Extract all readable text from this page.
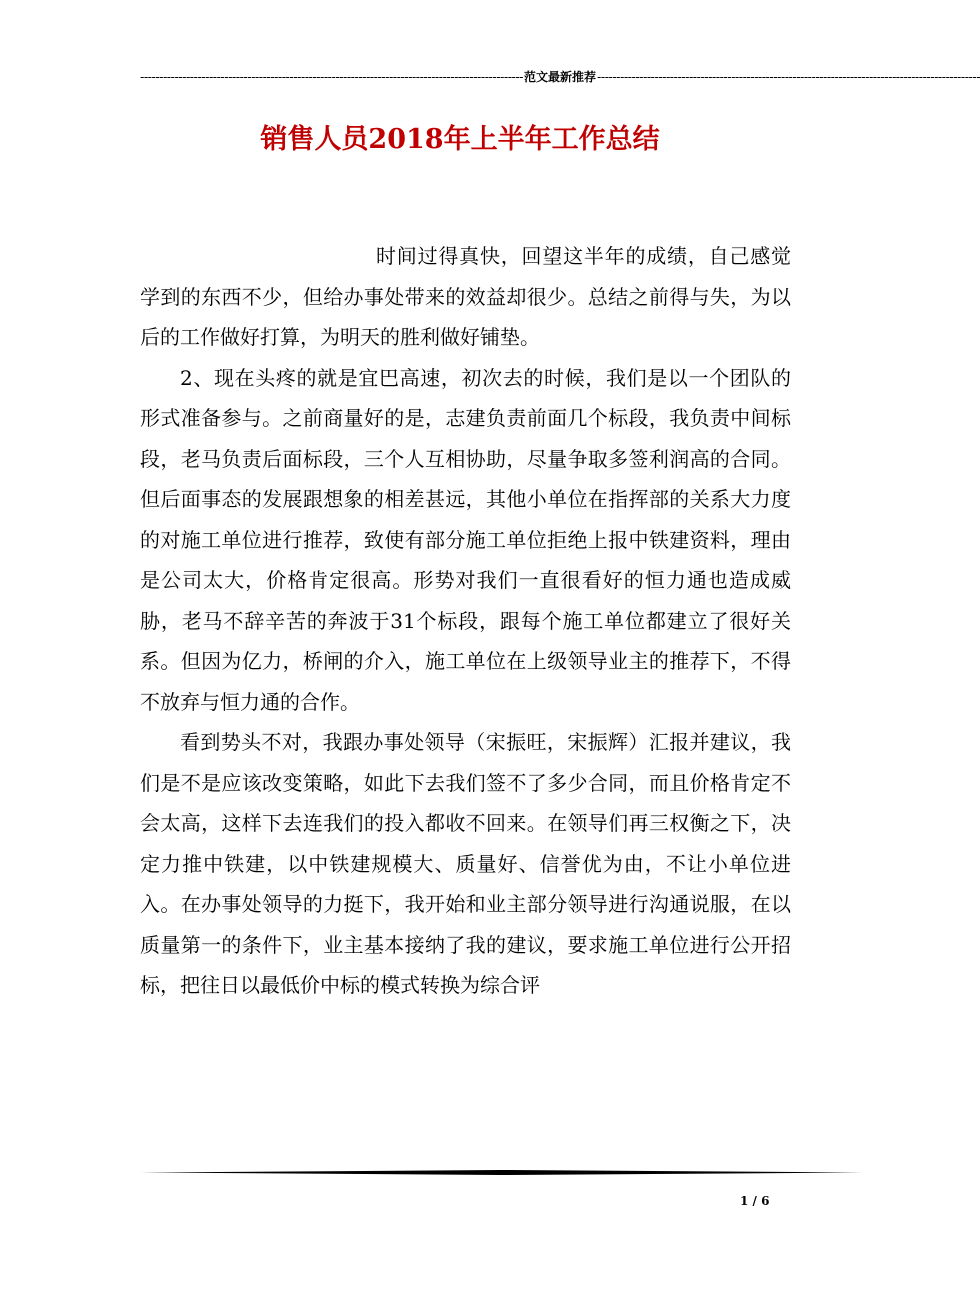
---------------------------------------------------------------------------------------------------- 范文最新推荐 ----------------------------------------------------------------------------------------------------
销售人员2018年上半年工作总结

时间过得真快，回望这半年的成绩，自己感觉学到的东西不少，但给办事处带来的效益却很少。总结之前得与失，为以后的工作做好打算，为明天的胜利做好铺垫。

2、现在头疼的就是宜巴高速，初次去的时候，我们是以一个团队的形式准备参与。之前商量好的是，志建负责前面几个标段，我负责中间标段，老马负责后面标段，三个人互相协助，尽量争取多签利润高的合同。但后面事态的发展跟想象的相差甚远，其他小单位在指挥部的关系大力度的对施工单位进行推荐，致使有部分施工单位拒绝上报中铁建资料，理由是公司太大，价格肯定很高。形势对我们一直很看好的恒力通也造成威胁，老马不辞辛苦的奔波于31个标段，跟每个施工单位都建立了很好关系。但因为亿力，桥闸的介入，施工单位在上级领导业主的推荐下，不得不放弃与恒力通的合作。

看到势头不对，我跟办事处领导（宋振旺，宋振辉）汇报并建议，我们是不是应该改变策略，如此下去我们签不了多少合同，而且价格肯定不会太高，这样下去连我们的投入都收不回来。在领导们再三权衡之下，决定力推中铁建，以中铁建规模大、质量好、信誉优为由，不让小单位进入。在办事处领导的力挺下，我开始和业主部分领导进行沟通说服，在以质量第一的条件下，业主基本接纳了我的建议，要求施工单位进行公开招标，把往日以最低价中标的模式转换为综合评

1 / 6
